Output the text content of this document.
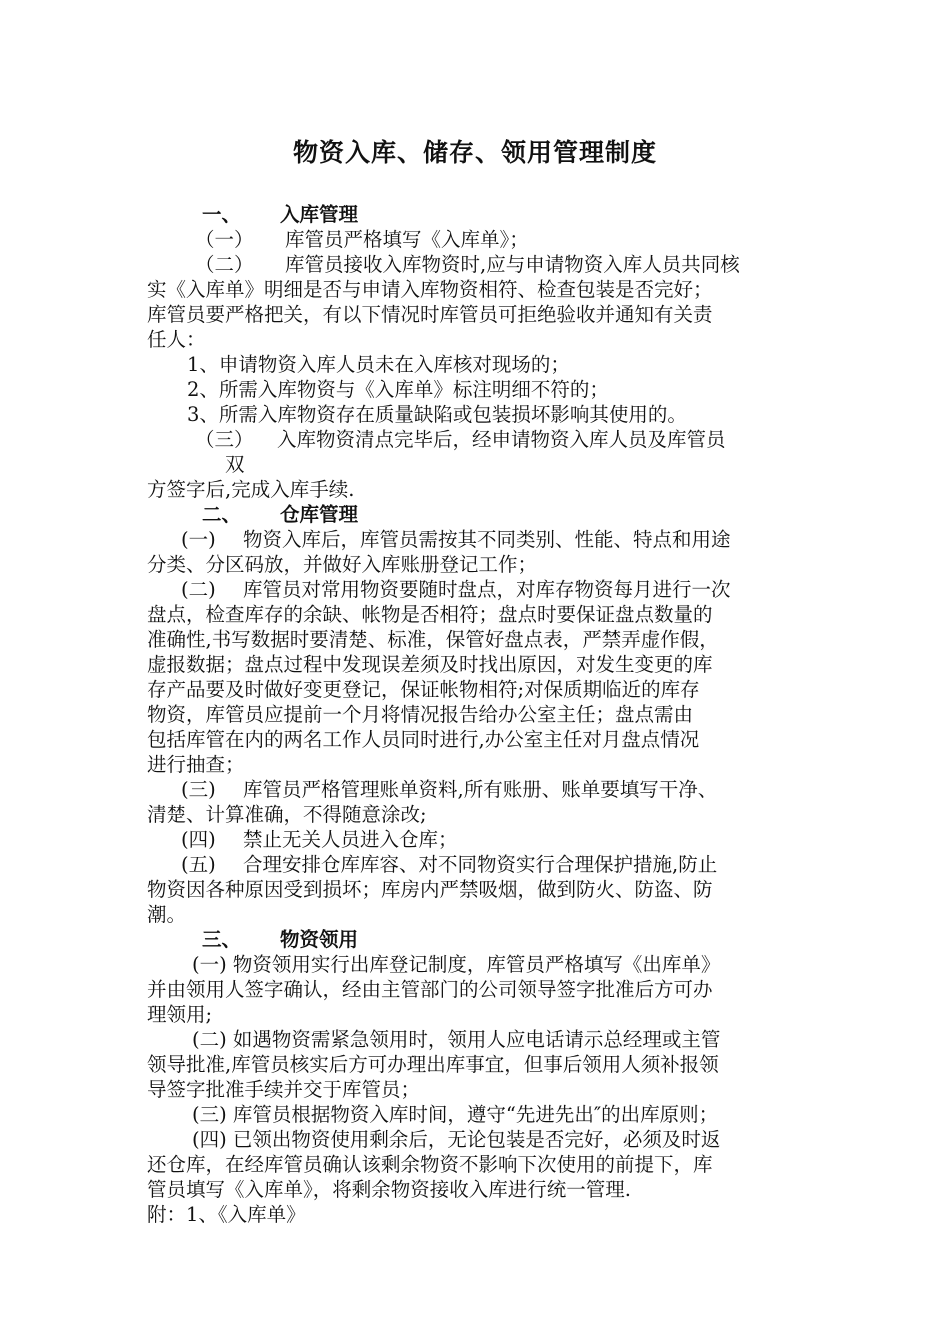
物资入库、储存、领用管理制度
一、 入库管理
（一） 库管员严格填写《入库单》；
（二） 库管员接收入库物资时,应与申请物资入库人员共同核
实《入库单》明细是否与申请入库物资相符、检查包装是否完好；
库管员要严格把关，有以下情况时库管员可拒绝验收并通知有关责
任人：
1、申请物资入库人员未在入库核对现场的；
2、所需入库物资与《入库单》标注明细不符的；
3、所需入库物资存在质量缺陷或包装损坏影响其使用的。
（三） 入库物资清点完毕后，经申请物资入库人员及库管员
双
方签字后,完成入库手续.
二、 仓库管理
(一) 物资入库后，库管员需按其不同类别、性能、特点和用途
分类、分区码放，并做好入库账册登记工作；
(二) 库管员对常用物资要随时盘点，对库存物资每月进行一次
盘点，检查库存的余缺、帐物是否相符；盘点时要保证盘点数量的
准确性,书写数据时要清楚、标准，保管好盘点表，严禁弄虚作假，
虚报数据；盘点过程中发现误差须及时找出原因，对发生变更的库
存产品要及时做好变更登记，保证帐物相符;对保质期临近的库存
物资，库管员应提前一个月将情况报告给办公室主任；盘点需由
包括库管在内的两名工作人员同时进行,办公室主任对月盘点情况
进行抽查；
(三) 库管员严格管理账单资料,所有账册、账单要填写干净、
清楚、计算准确，不得随意涂改;
(四) 禁止无关人员进入仓库；
(五) 合理安排仓库库容、对不同物资实行合理保护措施,防止
物资因各种原因受到损坏；库房内严禁吸烟，做到防火、防盗、防
潮。
三、 物资领用
(一) 物资领用实行出库登记制度，库管员严格填写《出库单》
并由领用人签字确认，经由主管部门的公司领导签字批准后方可办
理领用;
(二) 如遇物资需紧急领用时，领用人应电话请示总经理或主管
领导批准,库管员核实后方可办理出库事宜，但事后领用人须补报领
导签字批准手续并交于库管员；
(三) 库管员根据物资入库时间，遵守“先进先出″的出库原则；
(四) 已领出物资使用剩余后，无论包装是否完好，必须及时返
还仓库，在经库管员确认该剩余物资不影响下次使用的前提下，库
管员填写《入库单》，将剩余物资接收入库进行统一管理.
附：1、《入库单》
